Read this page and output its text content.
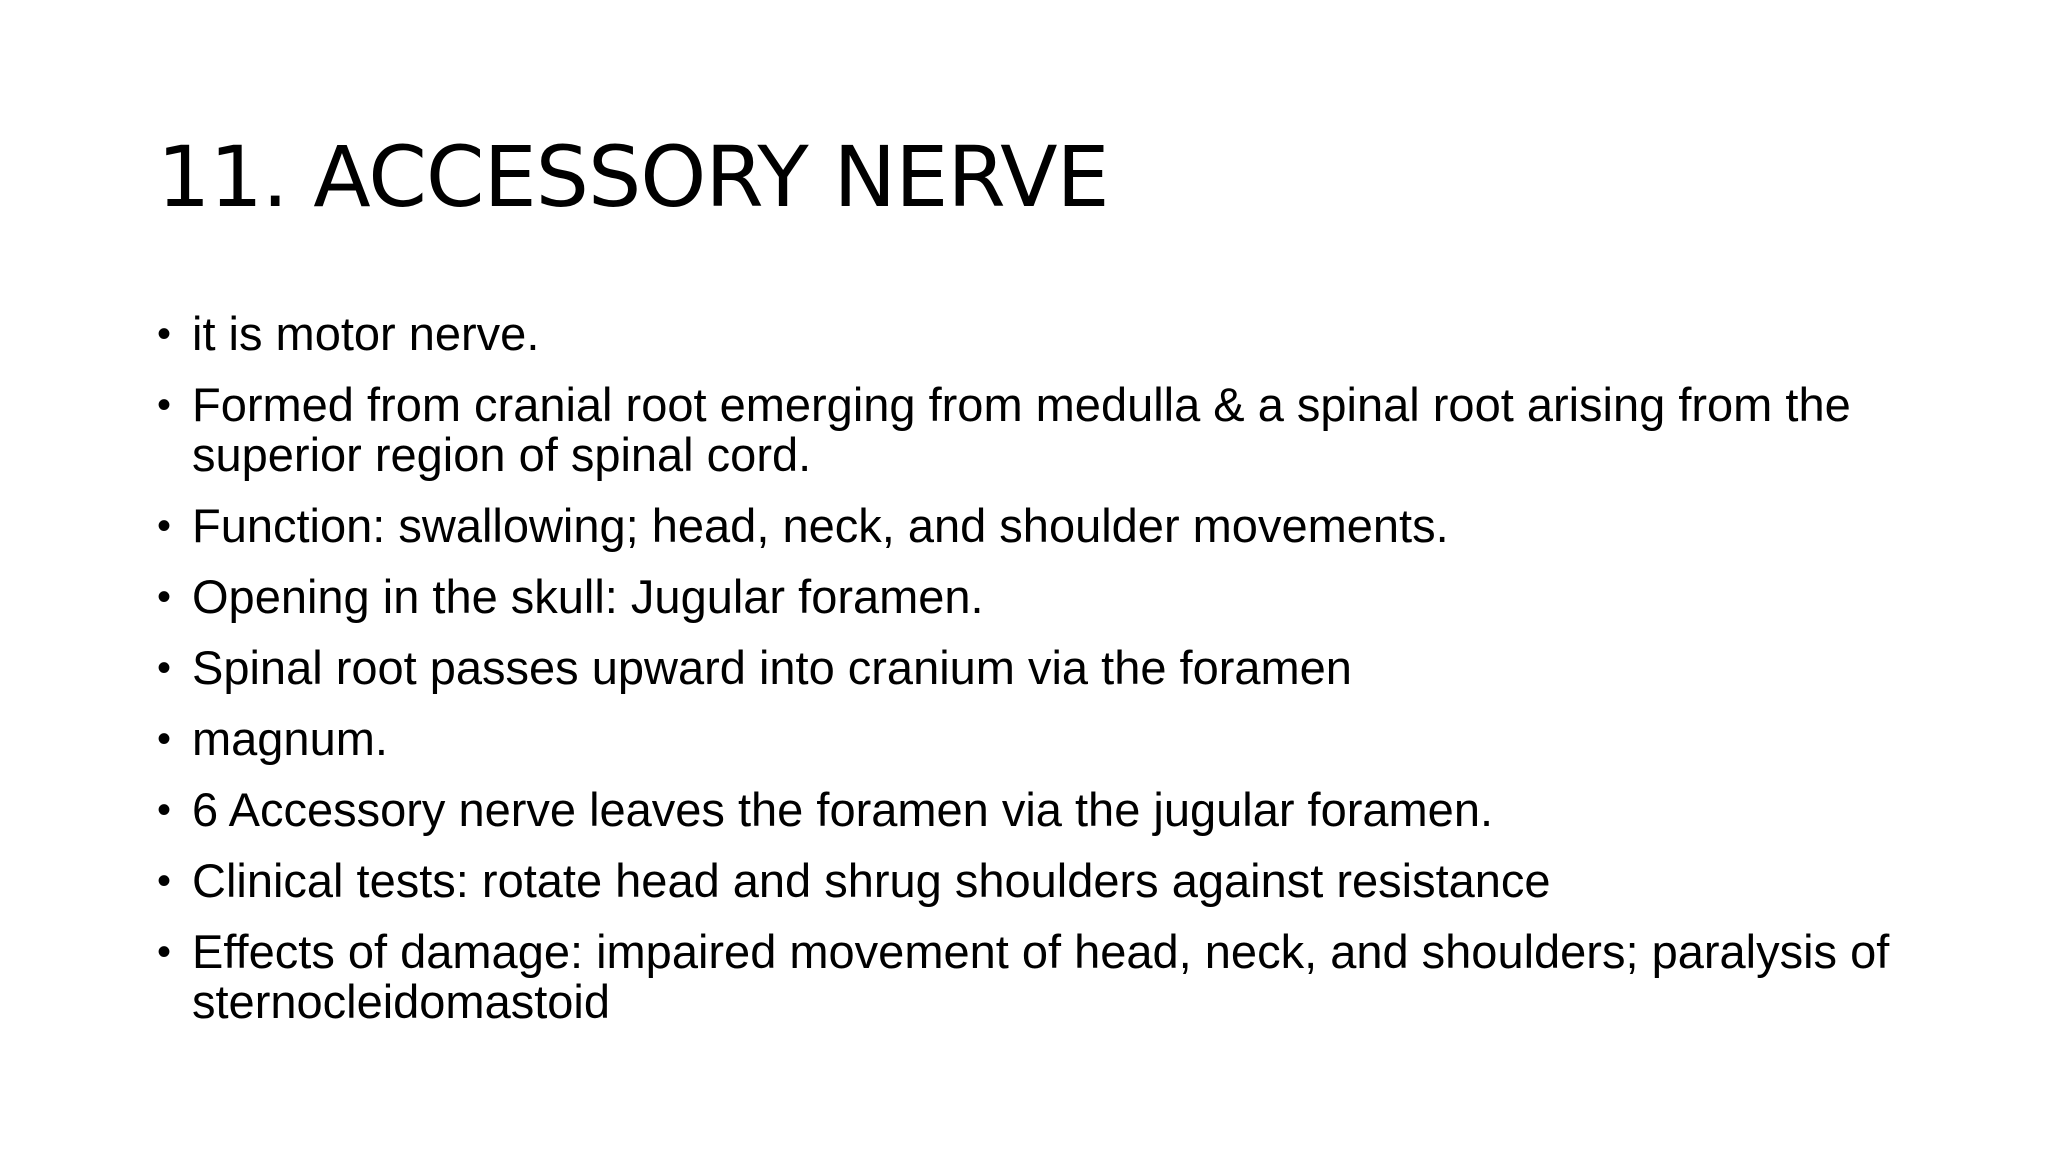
11. ACCESSORY NERVE
• it is motor nerve.
• Formed from cranial root emerging from medulla & a spinal root arising from the superior region of spinal cord.
• Function: swallowing; head, neck, and shoulder movements.
• Opening in the skull: Jugular foramen.
• Spinal root passes upward into cranium via the foramen
• magnum.
• 6 Accessory nerve leaves the foramen via the jugular foramen.
• Clinical tests: rotate head and shrug shoulders against resistance
• Effects of damage: impaired movement of head, neck, and shoulders; paralysis of sternocleidomastoid
